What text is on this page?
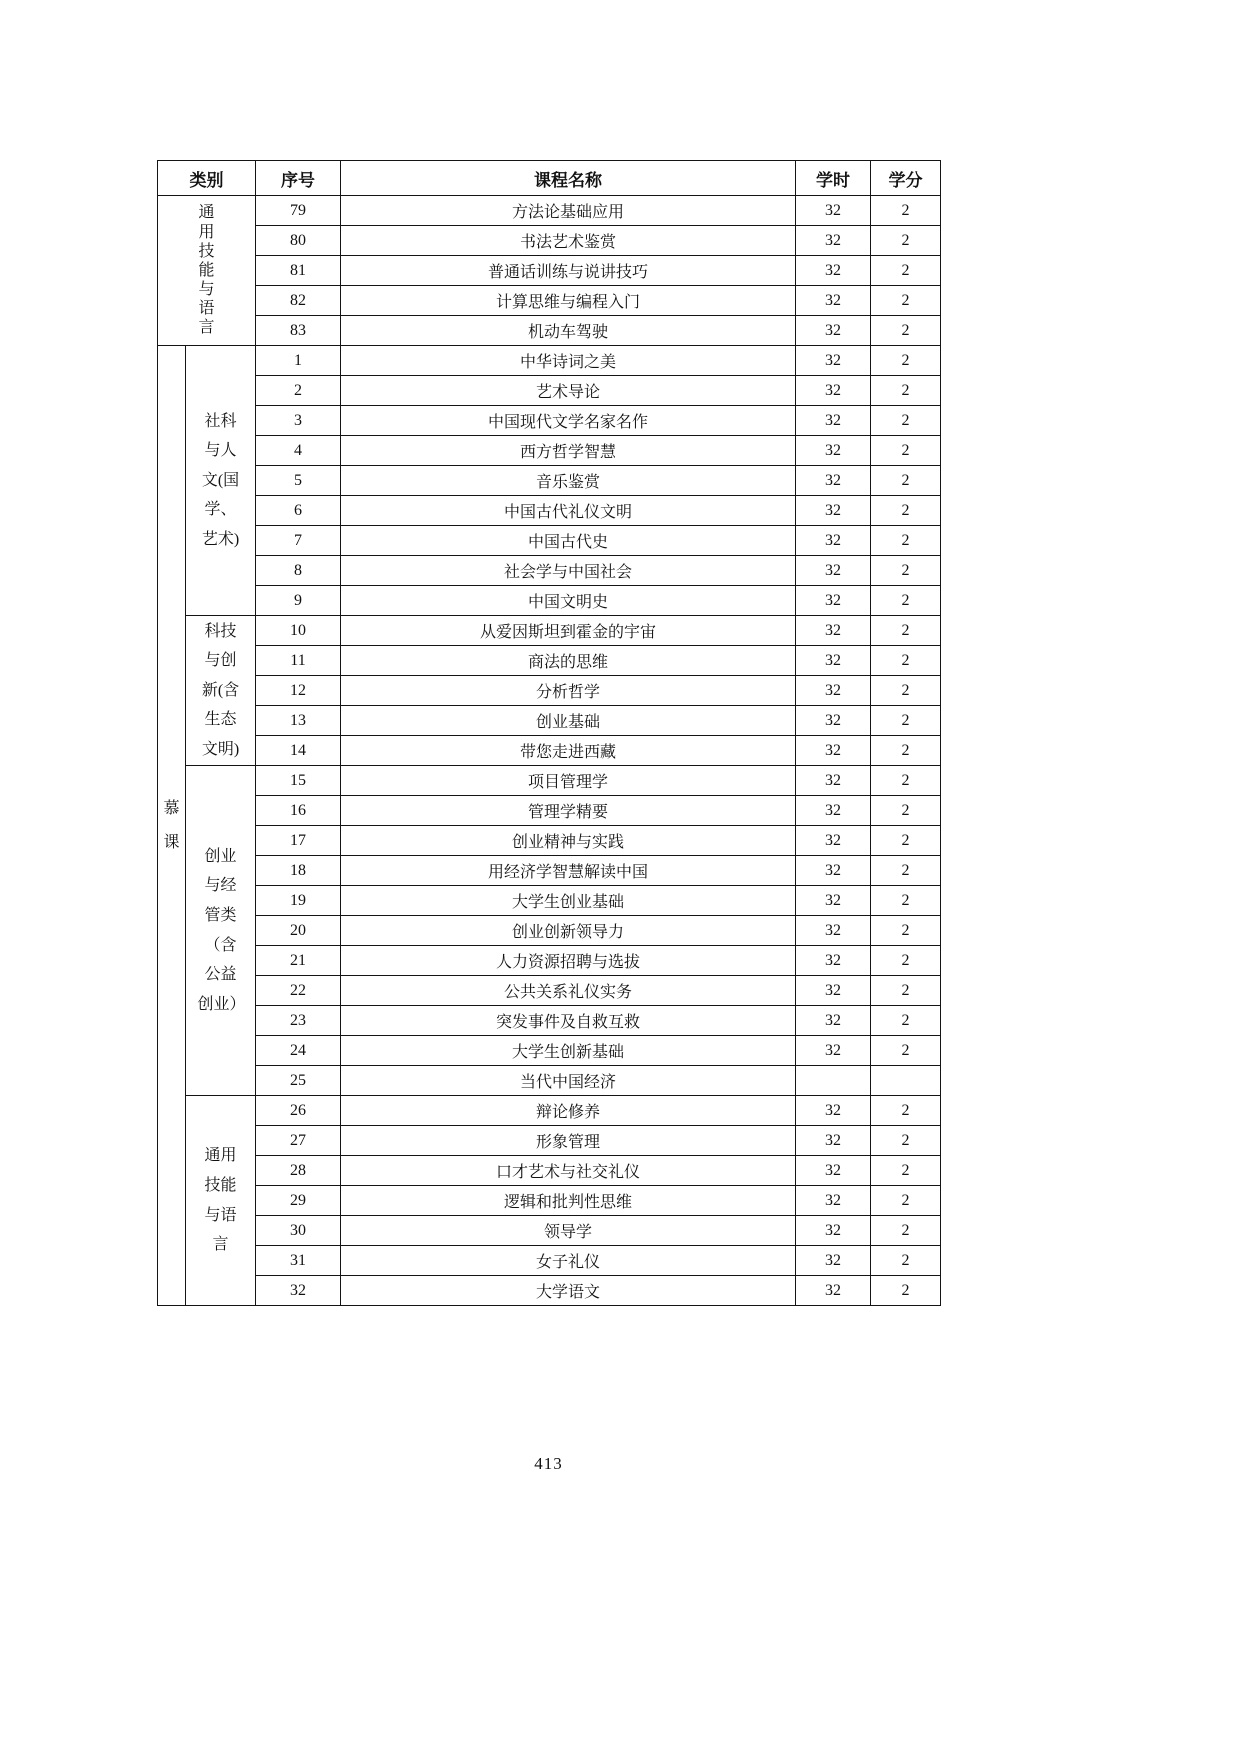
类别		序号	课程名称	学时	学分
通用技能与语言		79	方法论基础应用	32	2
		80	书法艺术鉴赏	32	2
		81	普通话训练与说讲技巧	32	2
		82	计算思维与编程入门	32	2
		83	机动车驾驶	32	2
慕课	社科与人文(国学、艺术)	1	中华诗词之美	32	2
		2	艺术导论	32	2
		3	中国现代文学名家名作	32	2
		4	西方哲学智慧	32	2
		5	音乐鉴赏	32	2
		6	中国古代礼仪文明	32	2
		7	中国古代史	32	2
		8	社会学与中国社会	32	2
		9	中国文明史	32	2
	科技与创新(含生态文明)	10	从爱因斯坦到霍金的宇宙	32	2
		11	商法的思维	32	2
		12	分析哲学	32	2
		13	创业基础	32	2
		14	带您走进西藏	32	2
	创业与经管类（含公益创业）	15	项目管理学	32	2
		16	管理学精要	32	2
		17	创业精神与实践	32	2
		18	用经济学智慧解读中国	32	2
		19	大学生创业基础	32	2
		20	创业创新领导力	32	2
		21	人力资源招聘与选拔	32	2
		22	公共关系礼仪实务	32	2
		23	突发事件及自救互救	32	2
		24	大学生创新基础	32	2
		25	当代中国经济		
	通用技能与语言	26	辩论修养	32	2
		27	形象管理	32	2
		28	口才艺术与社交礼仪	32	2
		29	逻辑和批判性思维	32	2
		30	领导学	32	2
		31	女子礼仪	32	2
		32	大学语文	32	2
413
